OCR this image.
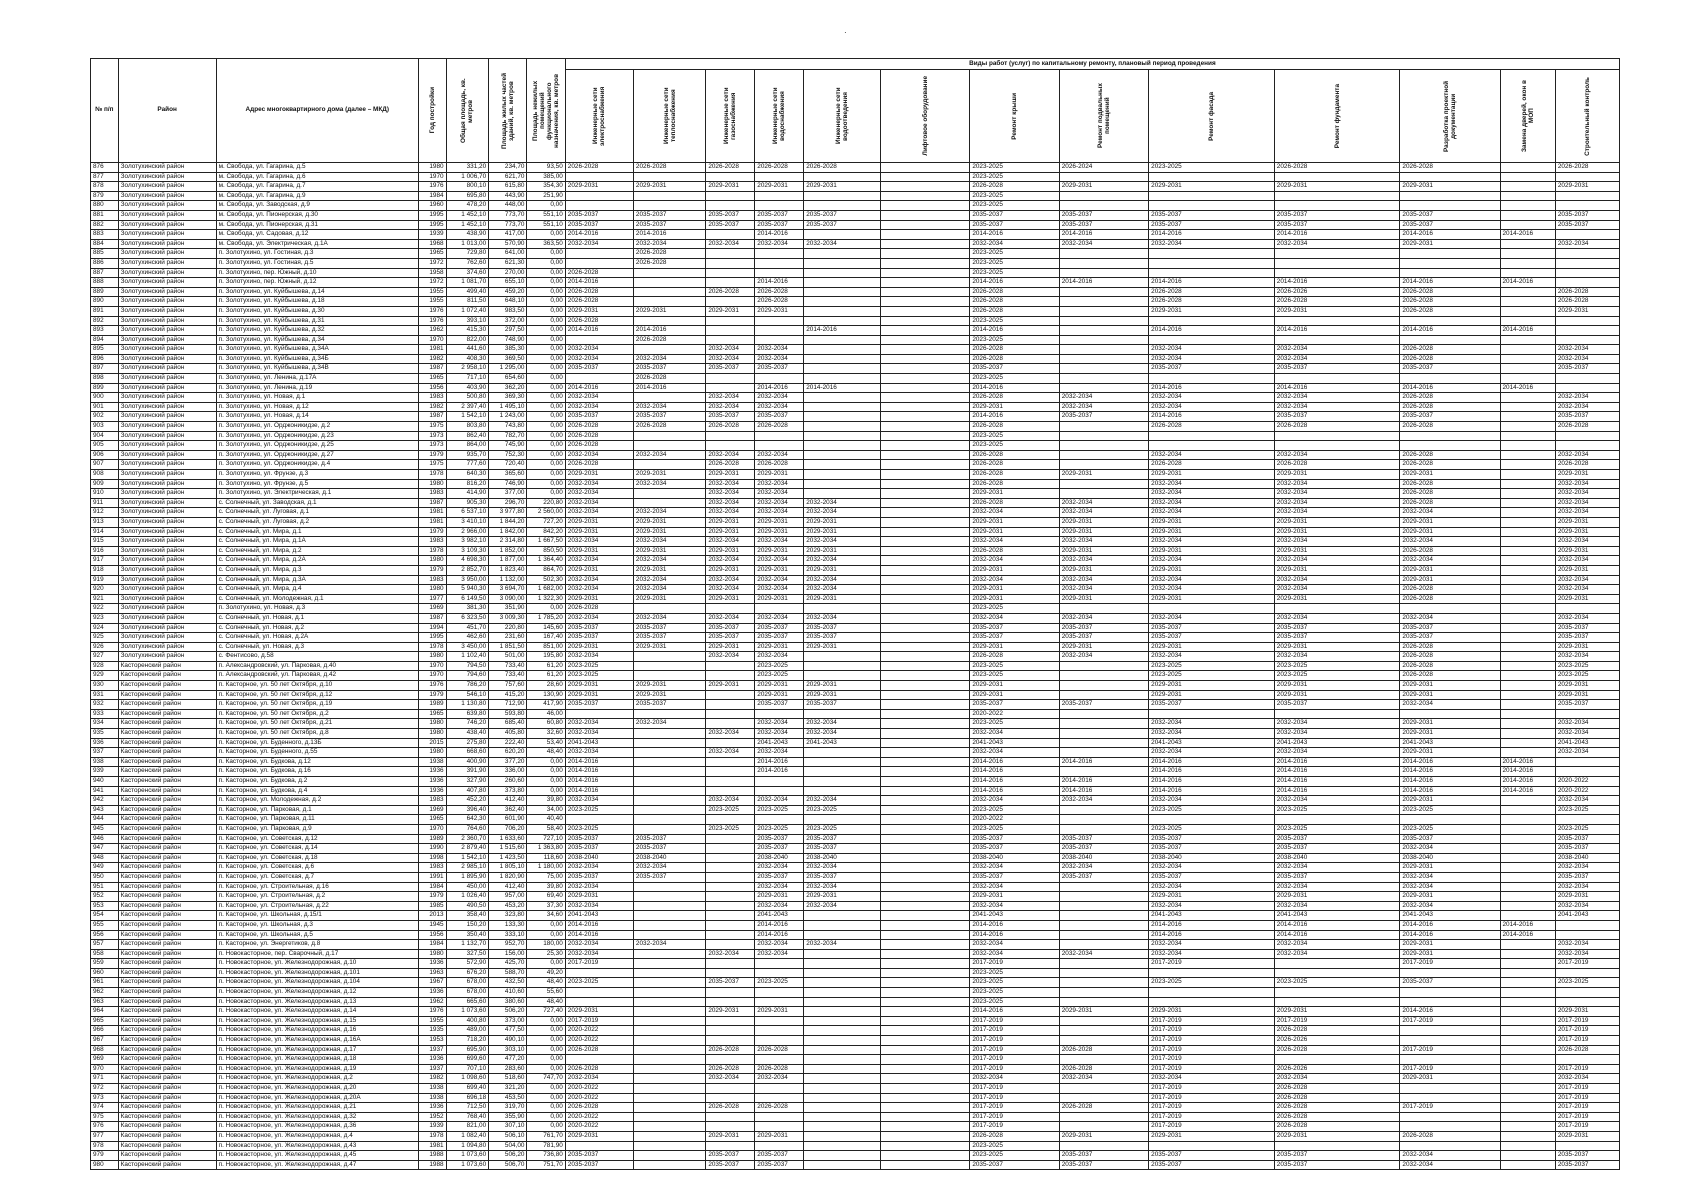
·
№ п/п	Район	Адрес многоквартирного дома (далее – МКД)	Год постройки	Общая площадь, кв. метров	Площадь жилых частей зданий, кв. метров	Площадь нежилых помещений функционального назначения, кв. метров	Виды работ (услуг) по капитальному ремонту, плановый период проведения												

							Инженерные сети электроснабжения	Инженерные сети теплоснабжения	Инженерные сети газоснабжения	Инженерные сети водоснабжения	Инженерные сети водоотведения	Лифтовое оборудование	Ремонт крыши	Ремонт подвальных помещений	Ремонт фасада	Ремонт фундамента	Разработка проектной документации	Замена дверей, окон в МОП	Строительный контроль

876	Золотухинский район	м. Свобода, ул. Гагарина, д.5	1980	331,20	234,70	93,50	2026-2028	2026-2028	2026-2028	2026-2028	2026-2028		2023-2025	2026-2024	2023-2025	2026-2028	2026-2028		2026-2028
877	Золотухинский район	м. Свобода, ул. Гагарина, д.6	1970	1 006,70	621,70	385,00							2023-2025						
878	Золотухинский район	м. Свобода, ул. Гагарина, д.7	1976	800,10	615,80	354,30	2029-2031	2029-2031	2029-2031	2029-2031	2029-2031		2026-2028	2029-2031	2029-2031	2029-2031	2029-2031		2029-2031
879	Золотухинский район	м. Свобода, ул. Гагарина, д.9	1984	695,80	443,90	251,90							2023-2025						
880	Золотухинский район	м. Свобода, ул. Заводская, д.9	1960	478,20	448,00	0,00							2023-2025						
881	Золотухинский район	м. Свобода, ул. Пионерская, д.30	1995	1 452,10	773,70	551,10	2035-2037	2035-2037	2035-2037	2035-2037	2035-2037		2035-2037	2035-2037	2035-2037	2035-2037	2035-2037		2035-2037
882	Золотухинский район	м. Свобода, ул. Пионерская, д.31	1995	1 452,10	773,70	551,10	2035-2037	2035-2037	2035-2037	2035-2037	2035-2037		2035-2037	2035-2037	2035-2037	2035-2037	2035-2037		2035-2037
883	Золотухинский район	м. Свобода, ул. Садовая, д.12	1939	438,90	417,00	0,00	2014-2016	2014-2016		2014-2016			2014-2016	2014-2016	2014-2016	2014-2016	2014-2016	2014-2016	
884	Золотухинский район	м. Свобода, ул. Электрическая, д.1А	1968	1 013,00	570,90	363,50	2032-2034	2032-2034	2032-2034	2032-2034	2032-2034		2032-2034	2032-2034	2032-2034	2032-2034	2029-2031		2032-2034
885	Золотухинский район	п. Золотухино, ул. Гостиная, д.3	1965	729,80	641,00	0,00		2026-2028					2023-2025						
886	Золотухинский район	п. Золотухино, ул. Гостиная, д.5	1972	762,60	621,30	0,00		2026-2028					2023-2025						
887	Золотухинский район	п. Золотухино, пер. Южный, д.10	1958	374,60	270,00	0,00	2026-2028						2023-2025						
888	Золотухинский район	п. Золотухино, пер. Южный, д.12	1972	1 081,70	655,10	0,00	2014-2016			2014-2016			2014-2016	2014-2016	2014-2016	2014-2016	2014-2016	2014-2016	
889	Золотухинский район	п. Золотухино, ул. Куйбышева, д.14	1955	499,40	459,20	0,00	2026-2028		2026-2028	2026-2028			2026-2028		2026-2028	2026-2026	2026-2028		2026-2028
890	Золотухинский район	п. Золотухино, ул. Куйбышева, д.18	1955	811,50	648,10	0,00	2026-2028			2026-2028			2026-2028		2026-2028	2026-2028	2026-2028		2026-2028
891	Золотухинский район	п. Золотухино, ул. Куйбышева, д.30	1976	1 072,40	983,50	0,00	2029-2031	2029-2031	2029-2031	2029-2031			2026-2028		2029-2031	2029-2031	2026-2028		2029-2031
892	Золотухинский район	п. Золотухино, ул. Куйбышева, д.31	1976	393,10	372,00	0,00	2026-2028						2023-2025						
893	Золотухинский район	п. Золотухино, ул. Куйбышева, д.32	1962	415,30	297,50	0,00	2014-2016	2014-2016			2014-2016		2014-2016		2014-2016	2014-2016	2014-2016	2014-2016	
894	Золотухинский район	п. Золотухино, ул. Куйбышева, д.34	1970	822,00	748,90	0,00		2026-2028					2023-2025						
895	Золотухинский район	п. Золотухино, ул. Куйбышева, д.34А	1981	441,60	385,30	0,00	2032-2034		2032-2034	2032-2034			2026-2028		2032-2034	2032-2034	2026-2028		2032-2034
896	Золотухинский район	п. Золотухино, ул. Куйбышева, д.34Б	1982	408,30	369,50	0,00	2032-2034	2032-2034	2032-2034	2032-2034			2026-2028		2032-2034	2032-2034	2026-2028		2032-2034
897	Золотухинский район	п. Золотухино, ул. Куйбышева, д.34В	1987	2 958,10	1 295,00	0,00	2035-2037	2035-2037	2035-2037	2035-2037			2035-2037		2035-2037	2035-2037	2035-2037		2035-2037
898	Золотухинский район	п. Золотухино, ул. Ленина, д.17А	1965	717,10	654,60	0,00		2026-2028					2023-2025						
899	Золотухинский район	п. Золотухино, ул. Ленина, д.19	1956	403,90	362,20	0,00	2014-2016	2014-2016		2014-2016	2014-2016		2014-2016		2014-2016	2014-2016	2014-2016	2014-2016	
900	Золотухинский район	п. Золотухино, ул. Новая, д.1	1983	500,80	369,30	0,00	2032-2034		2032-2034	2032-2034			2026-2028	2032-2034	2032-2034	2032-2034	2026-2028		2032-2034
901	Золотухинский район	п. Золотухино, ул. Новая, д.12	1982	2 397,40	1 495,10	0,00	2032-2034	2032-2034	2032-2034	2032-2034			2029-2031	2032-2034	2032-2034	2032-2034	2026-2028		2032-2034
902	Золотухинский район	п. Золотухино, ул. Новая, д.14	1987	1 542,10	1 243,00	0,00	2035-2037	2035-2037	2035-2037	2035-2037			2014-2016	2035-2037	2014-2016	2035-2037	2035-2037		2035-2037
903	Золотухинский район	п. Золотухино, ул. Орджоникидзе, д.2	1975	803,80	743,80	0,00	2026-2028	2026-2028	2026-2028	2026-2028			2026-2028		2026-2028	2026-2028	2026-2028		2026-2028
904	Золотухинский район	п. Золотухино, ул. Орджоникидзе, д.23	1973	862,40	782,70	0,00	2026-2028						2023-2025						
905	Золотухинский район	п. Золотухино, ул. Орджоникидзе, д.25	1973	864,00	745,90	0,00	2026-2028						2023-2025						
906	Золотухинский район	п. Золотухино, ул. Орджоникидзе, д.27	1979	935,70	752,30	0,00	2032-2034	2032-2034	2032-2034	2032-2034			2026-2028		2032-2034	2032-2034	2026-2028		2032-2034
907	Золотухинский район	п. Золотухино, ул. Орджоникидзе, д.4	1975	777,60	720,40	0,00	2026-2028		2026-2028	2026-2028			2026-2028		2026-2028	2026-2028	2026-2028		2026-2028
908	Золотухинский район	п. Золотухино, ул. Фрунзе, д.3	1978	640,30	365,60	0,00	2029-2031	2029-2031	2029-2031	2029-2031			2026-2028	2029-2031	2029-2031	2029-2031	2029-2031		2029-2031
909	Золотухинский район	п. Золотухино, ул. Фрунзе, д.5	1980	816,20	746,90	0,00	2032-2034	2032-2034	2032-2034	2032-2034			2026-2028		2032-2034	2032-2034	2026-2028		2032-2034
910	Золотухинский район	п. Золотухино, ул. Электрическая, д.1	1983	414,90	377,00	0,00	2032-2034		2032-2034	2032-2034			2029-2031		2032-2034	2032-2034	2026-2028		2032-2034
911	Золотухинский район	с. Солнечный, ул. Заводская, д.1	1987	905,30	296,70	220,80	2032-2034		2032-2034	2032-2034	2032-2034		2026-2028	2032-2034	2032-2034	2032-2034	2026-2028		2032-2034
912	Золотухинский район	с. Солнечный, ул. Луговая, д.1	1981	6 537,10	3 977,80	2 560,00	2032-2034	2032-2034	2032-2034	2032-2034	2032-2034		2032-2034	2032-2034	2032-2034	2032-2034	2032-2034		2032-2034
913	Золотухинский район	с. Солнечный, ул. Луговая, д.2	1981	3 410,10	1 844,20	727,20	2029-2031	2029-2031	2029-2031	2029-2031	2029-2031		2029-2031	2029-2031	2029-2031	2029-2031	2029-2031		2029-2031
914	Золотухинский район	с. Солнечный, ул. Мира, д.1	1979	2 966,00	1 842,00	842,20	2029-2031	2029-2031	2029-2031	2029-2031	2029-2031		2029-2031	2029-2031	2029-2031	2029-2031	2029-2031		2029-2031
915	Золотухинский район	с. Солнечный, ул. Мира, д.1А	1983	3 982,10	2 314,80	1 667,50	2032-2034	2032-2034	2032-2034	2032-2034	2032-2034		2032-2034	2032-2034	2032-2034	2032-2034	2032-2034		2032-2034
916	Золотухинский район	с. Солнечный, ул. Мира, д.2	1978	3 109,30	1 852,00	850,50	2029-2031	2029-2031	2029-2031	2029-2031	2029-2031		2026-2028	2029-2031	2029-2031	2029-2031	2026-2028		2029-2031
917	Золотухинский район	с. Солнечный, ул. Мира, д.2А	1980	4 698,30	1 877,00	1 364,40	2032-2034	2032-2034	2032-2034	2032-2034	2032-2034		2032-2034	2032-2034	2032-2034	2032-2034	2032-2034		2032-2034
918	Золотухинский район	с. Солнечный, ул. Мира, д.3	1979	2 852,70	1 823,40	864,70	2029-2031	2029-2031	2029-2031	2029-2031	2029-2031		2029-2031	2029-2031	2029-2031	2029-2031	2029-2031		2029-2031
919	Золотухинский район	с. Солнечный, ул. Мира, д.3А	1983	3 950,00	1 132,00	502,30	2032-2034	2032-2034	2032-2034	2032-2034	2032-2034		2032-2034	2032-2034	2032-2034	2032-2034	2029-2031		2032-2034
920	Золотухинский район	с. Солнечный, ул. Мира, д.4	1980	5 940,30	3 694,70	1 682,00	2032-2034	2032-2034	2032-2034	2032-2034	2032-2034		2029-2031	2032-2034	2032-2034	2032-2034	2026-2028		2032-2034
921	Золотухинский район	с. Солнечный, ул. Молодежная, д.1	1977	6 149,50	3 090,00	1 322,30	2029-2031	2029-2031	2029-2031	2029-2031	2029-2031		2029-2031	2029-2031	2029-2031	2029-2031	2026-2028		2029-2031
922	Золотухинский район	п. Золотухино, ул. Новая, д.3	1969	381,30	351,90	0,00	2026-2028						2023-2025						
923	Золотухинский район	с. Солнечный, ул. Новая, д.1	1987	6 323,50	3 009,30	1 785,20	2032-2034	2032-2034	2032-2034	2032-2034	2032-2034		2032-2034	2032-2034	2032-2034	2032-2034	2032-2034		2032-2034
924	Золотухинский район	с. Солнечный, ул. Новая, д.2	1994	451,70	220,80	145,60	2035-2037	2035-2037	2035-2037	2035-2037	2035-2037		2035-2037	2035-2037	2035-2037	2035-2037	2035-2037		2035-2037
925	Золотухинский район	с. Солнечный, ул. Новая, д.2А	1995	462,60	231,60	167,40	2035-2037	2035-2037	2035-2037	2035-2037	2035-2037		2035-2037	2035-2037	2035-2037	2035-2037	2035-2037		2035-2037
926	Золотухинский район	с. Солнечный, ул. Новая, д.3	1978	3 450,00	1 851,50	851,00	2029-2031	2029-2031	2029-2031	2029-2031	2029-2031		2029-2031	2029-2031	2029-2031	2029-2031	2026-2028		2029-2031
927	Золотухинский район	с. Фентисово, д.58	1980	1 102,40	501,00	195,80	2032-2034		2032-2034	2032-2034			2026-2028	2032-2034	2032-2034	2032-2034	2026-2028		2032-2034
928	Касторенский район	п. Александровский, ул. Парковая, д.40	1970	794,50	733,40	61,20	2023-2025			2023-2025			2023-2025		2023-2025	2023-2025	2026-2028		2023-2025
929	Касторенский район	п. Александровский, ул. Парковая, д.42	1970	794,60	733,40	61,20	2023-2025			2023-2025			2023-2025		2023-2025	2023-2025	2026-2028		2023-2025
930	Касторенский район	п. Касторное, ул. 50 лет Октября, д.10	1976	786,20	757,60	28,60	2029-2031	2029-2031	2029-2031	2029-2031	2029-2031		2029-2031		2029-2031	2029-2031	2029-2031		2029-2031
931	Касторенский район	п. Касторное, ул. 50 лет Октября, д.12	1979	546,10	415,20	130,90	2029-2031	2029-2031		2029-2031	2029-2031		2029-2031		2029-2031	2029-2031	2029-2031		2029-2031
932	Касторенский район	п. Касторное, ул. 50 лет Октября, д.19	1989	1 130,80	712,90	417,90	2035-2037	2035-2037		2035-2037	2035-2037		2035-2037	2035-2037	2035-2037	2035-2037	2032-2034		2035-2037
933	Касторенский район	п. Касторное, ул. 50 лет Октября, д.2	1965	639,80	593,80	46,00							2020-2022						
934	Касторенский район	п. Касторное, ул. 50 лет Октября, д.21	1980	746,20	685,40	60,80	2032-2034	2032-2034		2032-2034	2032-2034		2023-2025		2032-2034	2032-2034	2029-2031		2032-2034
935	Касторенский район	п. Касторное, ул. 50 лет Октября, д.8	1980	438,40	405,80	32,60	2032-2034		2032-2034	2032-2034	2032-2034		2032-2034		2032-2034	2032-2034	2029-2031		2032-2034
936	Касторенский район	п. Касторное, ул. Буденного, д.13Б	2015	275,80	222,40	53,40	2041-2043			2041-2043	2041-2043		2041-2043		2041-2043	2041-2043	2041-2043		2041-2043
937	Касторенский район	п. Касторное, ул. Буденного, д.55	1980	668,60	620,20	48,40	2032-2034		2032-2034	2032-2034			2032-2034		2032-2034	2032-2034	2029-2031		2032-2034
938	Касторенский район	п. Касторное, ул. Будкова, д.12	1938	400,90	377,20	0,00	2014-2016			2014-2016			2014-2016	2014-2016	2014-2016	2014-2016	2014-2016	2014-2016	
939	Касторенский район	п. Касторное, ул. Будкова, д.16	1936	391,90	336,00	0,00	2014-2016			2014-2016			2014-2016		2014-2016	2014-2016	2014-2016	2014-2016	
940	Касторенский район	п. Касторное, ул. Будкова, д.2	1936	327,90	260,60	0,00	2014-2016						2014-2016	2014-2016	2014-2016	2014-2016	2014-2016	2014-2016	2020-2022
941	Касторенский район	п. Касторное, ул. Будкова, д.4	1936	407,80	373,80	0,00	2014-2016						2014-2016	2014-2016	2014-2016	2014-2016	2014-2016	2014-2016	2020-2022
942	Касторенский район	п. Касторное, ул. Молодежная, д.2	1983	452,20	412,40	39,80	2032-2034		2032-2034	2032-2034	2032-2034		2032-2034	2032-2034	2032-2034	2032-2034	2029-2031		2032-2034
943	Касторенский район	п. Касторное, ул. Парковая, д.1	1969	396,40	362,40	34,00	2023-2025		2023-2025	2023-2025	2023-2025		2023-2025		2023-2025	2023-2025	2023-2025		2023-2025
944	Касторенский район	п. Касторное, ул. Парковая, д.11	1965	642,30	601,90	40,40							2020-2022						
945	Касторенский район	п. Касторное, ул. Парковая, д.9	1970	764,60	706,20	58,40	2023-2025		2023-2025	2023-2025	2023-2025		2023-2025		2023-2025	2023-2025	2023-2025		2023-2025
946	Касторенский район	п. Касторное, ул. Советская, д.12	1989	2 360,70	1 633,60	727,10	2035-2037	2035-2037		2035-2037	2035-2037		2035-2037	2035-2037	2035-2037	2035-2037	2035-2037		2035-2037
947	Касторенский район	п. Касторное, ул. Советская, д.14	1990	2 879,40	1 515,60	1 363,80	2035-2037	2035-2037		2035-2037	2035-2037		2035-2037	2035-2037	2035-2037	2035-2037	2032-2034		2035-2037
948	Касторенский район	п. Касторное, ул. Советская, д.18	1998	1 542,10	1 423,50	118,60	2038-2040	2038-2040		2038-2040	2038-2040		2038-2040	2038-2040	2038-2040	2038-2040	2038-2040		2038-2040
949	Касторенский район	п. Касторное, ул. Советская, д.6	1983	2 985,10	1 805,10	1 180,00	2032-2034	2032-2034		2032-2034	2032-2034		2032-2034	2032-2034	2032-2034	2032-2034	2029-2031		2032-2034
950	Касторенский район	п. Касторное, ул. Советская, д.7	1991	1 895,90	1 820,90	75,00	2035-2037	2035-2037		2035-2037	2035-2037		2035-2037	2035-2037	2035-2037	2035-2037	2032-2034		2035-2037
951	Касторенский район	п. Касторное, ул. Строительная, д.16	1984	450,00	412,40	39,80	2032-2034			2032-2034	2032-2034		2032-2034		2032-2034	2032-2034	2032-2034		2032-2034
952	Касторенский район	п. Касторное, ул. Строительная, д.2	1979	1 026,40	957,00	69,40	2029-2031			2029-2031	2029-2031		2029-2031		2029-2031	2029-2031	2029-2031		2029-2031
953	Касторенский район	п. Касторное, ул. Строительная, д.22	1985	490,50	453,20	37,30	2032-2034			2032-2034	2032-2034		2032-2034		2032-2034	2032-2034	2032-2034		2032-2034
954	Касторенский район	п. Касторное, ул. Школьная, д.15/1	2013	358,40	323,80	34,60	2041-2043			2041-2043			2041-2043		2041-2043	2041-2043	2041-2043		2041-2043
955	Касторенский район	п. Касторное, ул. Школьная, д.3	1945	150,20	133,30	0,00	2014-2016			2014-2016			2014-2016		2014-2016	2014-2016	2014-2016	2014-2016	
956	Касторенский район	п. Касторное, ул. Школьная, д.5	1956	350,40	333,10	0,00	2014-2016			2014-2016			2014-2016		2014-2016	2014-2016	2014-2016	2014-2016	
957	Касторенский район	п. Касторное, ул. Энергетиков, д.8	1984	1 132,70	952,70	180,00	2032-2034	2032-2034		2032-2034	2032-2034		2032-2034		2032-2034	2032-2034	2029-2031		2032-2034
958	Касторенский район	п. Новокасторное, пер. Сварочный, д.17	1980	327,50	156,00	25,30	2032-2034		2032-2034	2032-2034			2032-2034	2032-2034	2032-2034	2032-2034	2029-2031		2032-2034
959	Касторенский район	п. Новокасторное, ул. Железнодорожная, д.10	1936	572,90	425,70	0,00	2017-2019						2017-2019		2017-2019		2017-2019		2017-2019
960	Касторенский район	п. Новокасторное, ул. Железнодорожная, д.101	1963	676,20	588,70	49,20							2023-2025						
961	Касторенский район	п. Новокасторное, ул. Железнодорожная, д.104	1967	678,00	432,50	48,40	2023-2025		2035-2037	2023-2025			2023-2025		2023-2025	2023-2025	2035-2037		2023-2025
962	Касторенский район	п. Новокасторное, ул. Железнодорожная, д.12	1936	678,00	410,60	55,60							2023-2025						
963	Касторенский район	п. Новокасторное, ул. Железнодорожная, д.13	1962	665,60	380,60	48,40							2023-2025						
964	Касторенский район	п. Новокасторное, ул. Железнодорожная, д.14	1976	1 073,60	506,20	727,40	2029-2031		2029-2031	2029-2031			2014-2016	2029-2031	2029-2031	2029-2031	2014-2016		2029-2031
965	Касторенский район	п. Новокасторное, ул. Железнодорожная, д.15	1955	400,80	373,00	0,00	2017-2019						2017-2019		2017-2019	2017-2019	2017-2019		2017-2019
966	Касторенский район	п. Новокасторное, ул. Железнодорожная, д.16	1935	489,00	477,50	0,00	2020-2022						2017-2019		2017-2019	2026-2028			2017-2019
967	Касторенский район	п. Новокасторное, ул. Железнодорожная, д.16А	1953	718,20	490,10	0,00	2020-2022						2017-2019		2017-2019	2026-2026			2017-2019
968	Касторенский район	п. Новокасторное, ул. Железнодорожная, д.17	1937	695,90	303,10	0,00	2026-2028		2026-2028	2026-2028			2017-2019	2026-2028	2017-2019	2026-2028	2017-2019		2026-2028
969	Касторенский район	п. Новокасторное, ул. Железнодорожная, д.18	1936	699,60	477,20	0,00							2017-2019		2017-2019				
970	Касторенский район	п. Новокасторное, ул. Железнодорожная, д.19	1937	707,10	283,60	0,00	2026-2028		2026-2028	2026-2028			2017-2019	2026-2028	2017-2019	2026-2026	2017-2019		2017-2019
971	Касторенский район	п. Новокасторное, ул. Железнодорожная, д.2	1982	1 098,60	518,60	747,70	2032-2034		2032-2034	2032-2034			2032-2034	2032-2034	2032-2034	2032-2034	2029-2031		2032-2034
972	Касторенский район	п. Новокасторное, ул. Железнодорожная, д.20	1938	699,40	321,20	0,00	2020-2022						2017-2019		2017-2019	2026-2028			2017-2019
973	Касторенский район	п. Новокасторное, ул. Железнодорожная, д.20А	1938	696,18	453,50	0,00	2020-2022						2017-2019		2017-2019	2026-2028			2017-2019
974	Касторенский район	п. Новокасторное, ул. Железнодорожная, д.21	1936	712,50	319,70	0,00	2026-2028		2026-2028	2026-2028			2017-2019	2026-2028	2017-2019	2026-2028	2017-2019		2017-2019
975	Касторенский район	п. Новокасторное, ул. Железнодорожная, д.32	1952	768,40	355,90	0,00	2020-2022						2017-2019		2017-2019	2026-2028			2017-2019
976	Касторенский район	п. Новокасторное, ул. Железнодорожная, д.36	1939	821,00	307,10	0,00	2020-2022						2017-2019		2017-2019	2026-2028			2017-2019
977	Касторенский район	п. Новокасторное, ул. Железнодорожная, д.4	1978	1 082,40	506,10	761,70	2029-2031		2029-2031	2029-2031			2026-2028	2029-2031	2029-2031	2029-2031	2026-2028		2029-2031
978	Касторенский район	п. Новокасторное, ул. Железнодорожная, д.43	1981	1 094,80	504,00	781,90							2023-2025						
979	Касторенский район	п. Новокасторное, ул. Железнодорожная, д.45	1988	1 073,60	506,20	736,80	2035-2037		2035-2037	2035-2037			2023-2025	2035-2037	2035-2037	2035-2037	2032-2034		2035-2037
980	Касторенский район	п. Новокасторное, ул. Железнодорожная, д.47	1988	1 073,60	506,70	751,70	2035-2037		2035-2037	2035-2037			2035-2037	2035-2037	2035-2037	2035-2037	2032-2034		2035-2037
